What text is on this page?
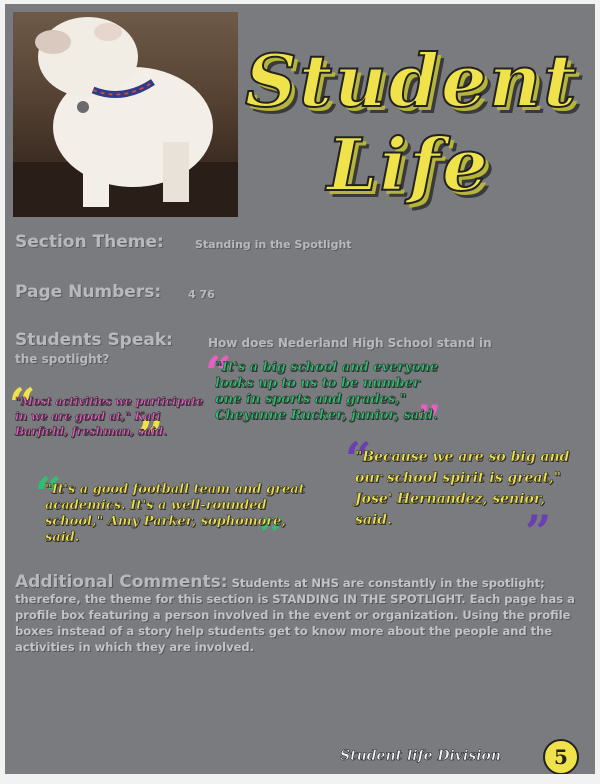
Student
Life
Section Theme:	Standing in the Spotlight
Page Numbers: 4 76
Students Speak:	How does Nederland High School stand in
the spotlight?
“
”
"Most activities we participate in we are good at," Kati Barfield, freshman, said.
“
”
"It's a big school and everyone looks up to us to be number one in sports and grades," Cheyanne Rucker, junior, said.
“
”
"Because we are so big and our school spirit is great," Jose' Hernandez, senior, said.
“
”
"It's a good football team and great academics. It's a well-rounded school," Amy Parker, sophomore, said.
Additional Comments: Students at NHS are constantly in the spotlight; therefore, the theme for this section is STANDING IN THE SPOTLIGHT. Each page has a profile box featuring a person involved in the event or organization. Using the profile boxes instead of a story help students get to know more about the people and the activities in which they are involved.
Student life Division	5
